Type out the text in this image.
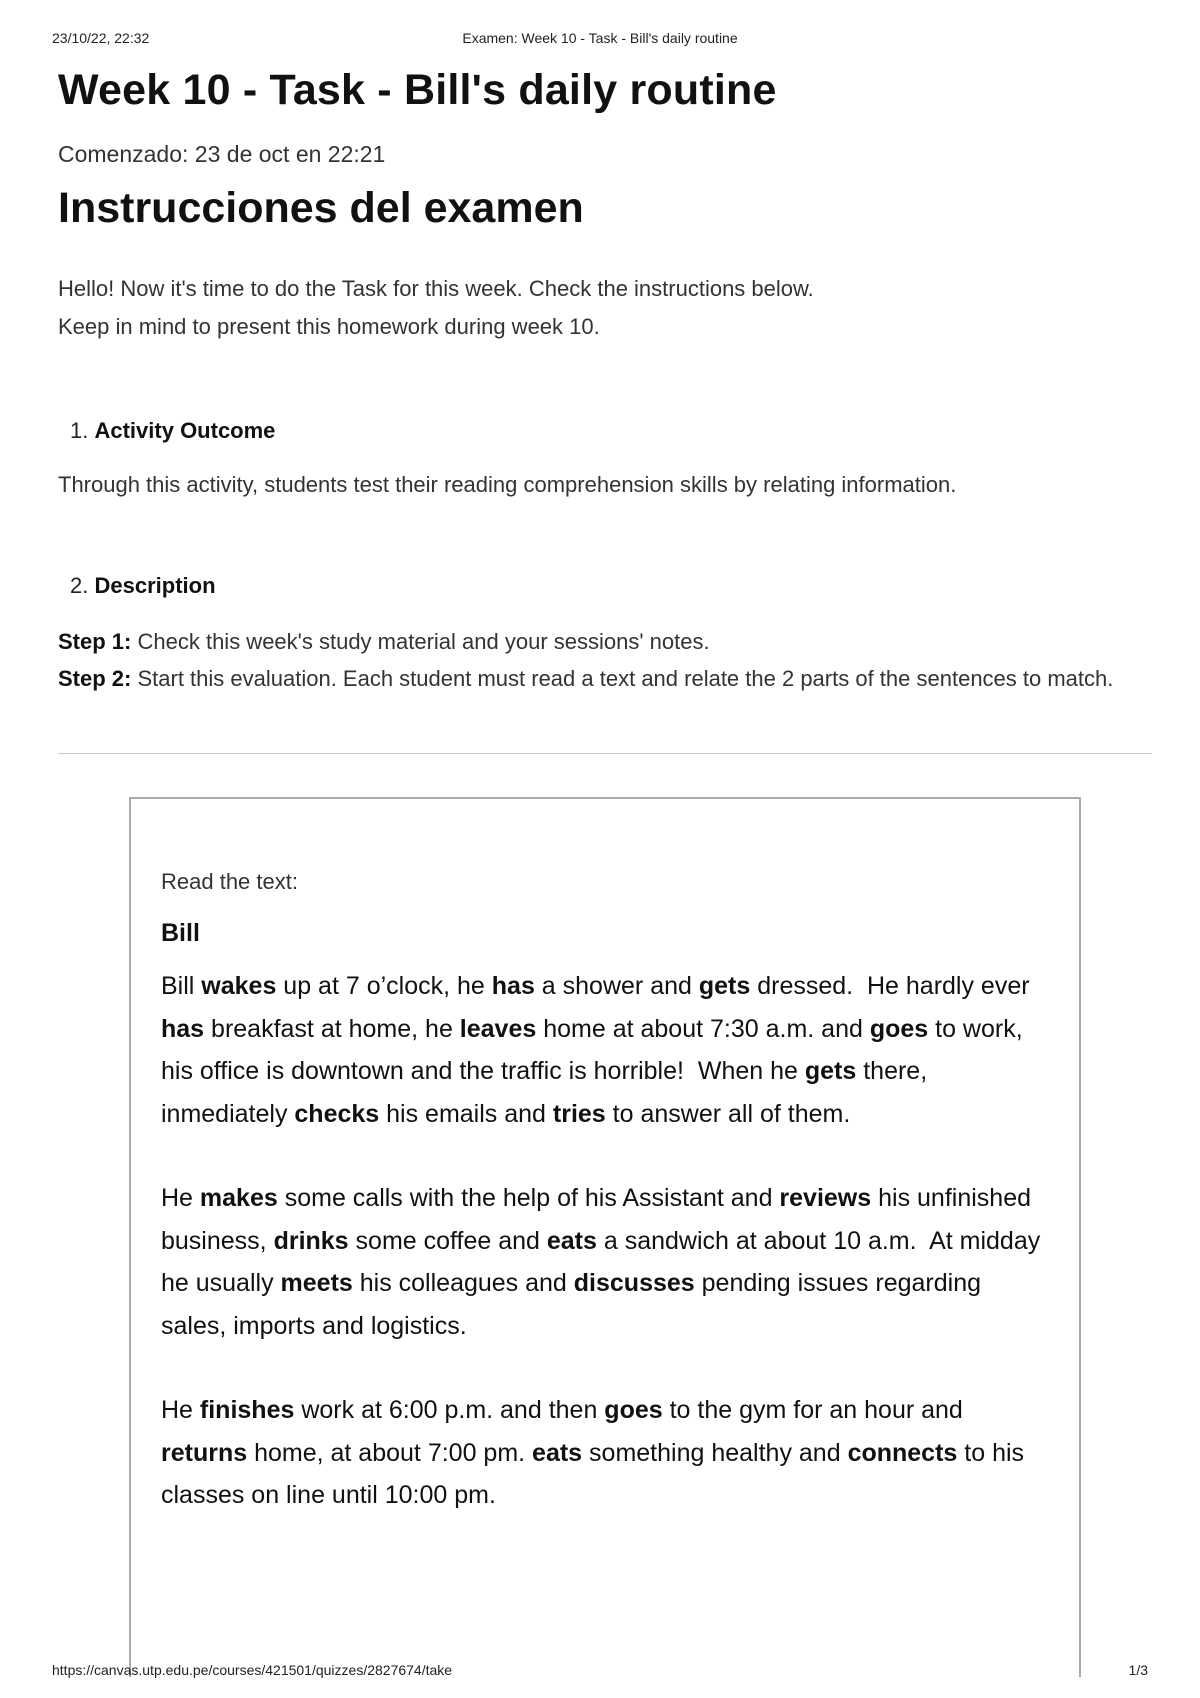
23/10/22, 22:32	Examen: Week 10 - Task - Bill's daily routine
Week 10 - Task - Bill's daily routine
Comenzado: 23 de oct en 22:21
Instrucciones del examen
Hello! Now it's time to do the Task for this week. Check the instructions below.
Keep in mind to present this homework during week 10.
1. Activity Outcome
Through this activity, students test their reading comprehension skills by relating information.
2. Description
Step 1: Check this week's study material and your sessions' notes.
Step 2: Start this evaluation. Each student must read a text and relate the 2 parts of the sentences to match.
Read the text:
Bill

Bill wakes up at 7 o’clock, he has a shower and gets dressed.  He hardly ever has breakfast at home, he leaves home at about 7:30 a.m. and goes to work, his office is downtown and the traffic is horrible!  When he gets there, inmediately checks his emails and tries to answer all of them.

He makes some calls with the help of his Assistant and reviews his unfinished business, drinks some coffee and eats a sandwich at about 10 a.m.  At midday he usually meets his colleagues and discusses pending issues regarding sales, imports and logistics.

He finishes work at 6:00 p.m. and then goes to the gym for an hour and returns home, at about 7:00 pm. eats something healthy and connects to his classes on line until 10:00 pm.

https://canvas.utp.edu.pe/courses/421501/quizzes/2827674/take	1/3
